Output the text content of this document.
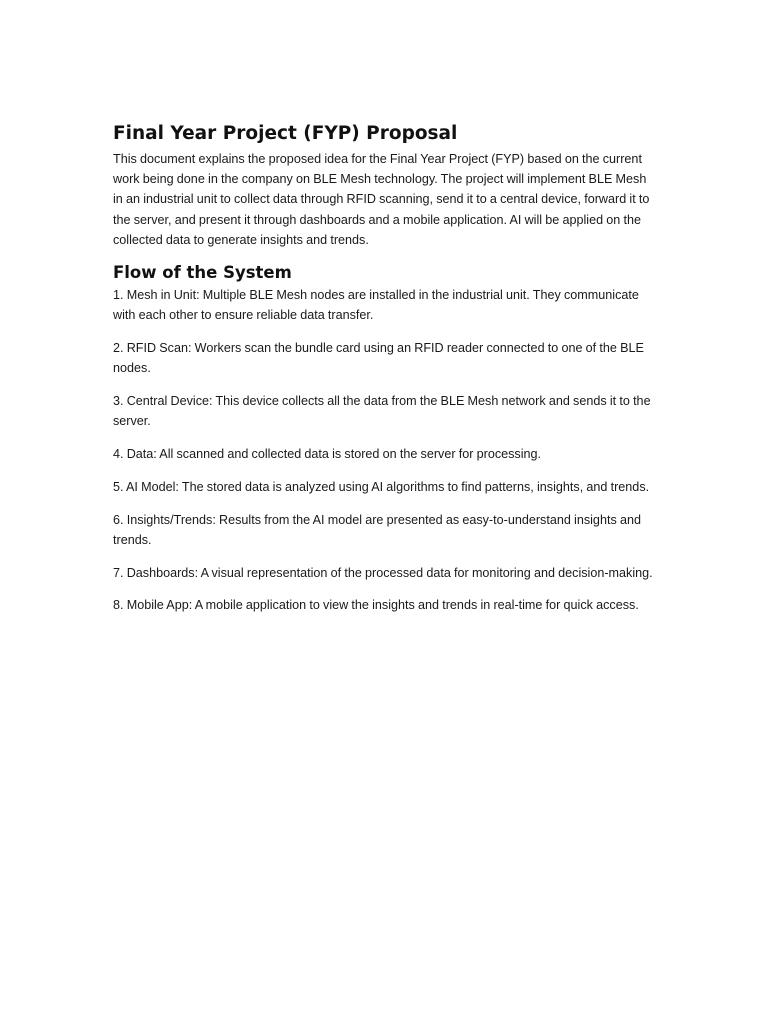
Final Year Project (FYP) Proposal

This document explains the proposed idea for the Final Year Project (FYP) based on the current work being done in the company on BLE Mesh technology. The project will implement BLE Mesh in an industrial unit to collect data through RFID scanning, send it to a central device, forward it to the server, and present it through dashboards and a mobile application. AI will be applied on the collected data to generate insights and trends.

Flow of the System
1. Mesh in Unit: Multiple BLE Mesh nodes are installed in the industrial unit. They communicate with each other to ensure reliable data transfer.
2. RFID Scan: Workers scan the bundle card using an RFID reader connected to one of the BLE nodes.
3. Central Device: This device collects all the data from the BLE Mesh network and sends it to the server.
4. Data: All scanned and collected data is stored on the server for processing.
5. AI Model: The stored data is analyzed using AI algorithms to find patterns, insights, and trends.
6. Insights/Trends: Results from the AI model are presented as easy-to-understand insights and trends.
7. Dashboards: A visual representation of the processed data for monitoring and decision-making.
8. Mobile App: A mobile application to view the insights and trends in real-time for quick access.
